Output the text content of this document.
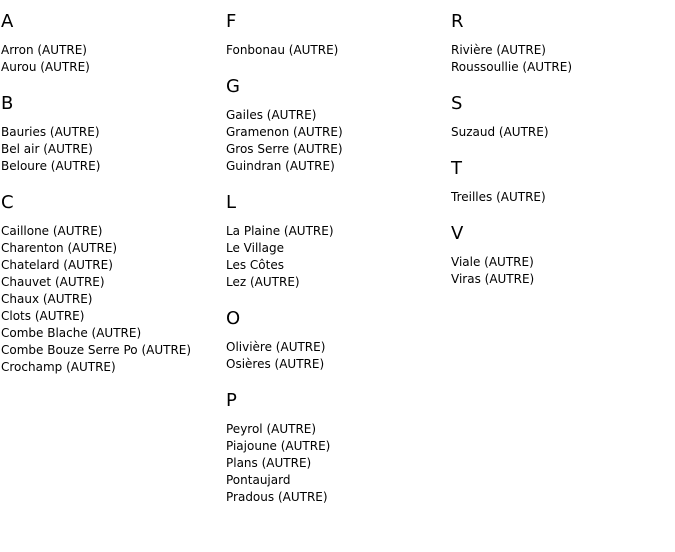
A
Arron (AUTRE)
Aurou (AUTRE)
B
Bauries (AUTRE)
Bel air (AUTRE)
Beloure (AUTRE)
C
Caillone (AUTRE)
Charenton (AUTRE)
Chatelard (AUTRE)
Chauvet (AUTRE)
Chaux (AUTRE)
Clots (AUTRE)
Combe Blache (AUTRE)
Combe Bouze Serre Po (AUTRE)
Crochamp (AUTRE)
F
Fonbonau (AUTRE)
G
Gailes (AUTRE)
Gramenon (AUTRE)
Gros Serre (AUTRE)
Guindran (AUTRE)
L
La Plaine (AUTRE)
Le Village
Les Côtes
Lez (AUTRE)
O
Olivière (AUTRE)
Osières (AUTRE)
P
Peyrol (AUTRE)
Piajoune (AUTRE)
Plans (AUTRE)
Pontaujard
Pradous (AUTRE)
R
Rivière (AUTRE)
Roussoullie (AUTRE)
S
Suzaud (AUTRE)
T
Treilles (AUTRE)
V
Viale (AUTRE)
Viras (AUTRE)
